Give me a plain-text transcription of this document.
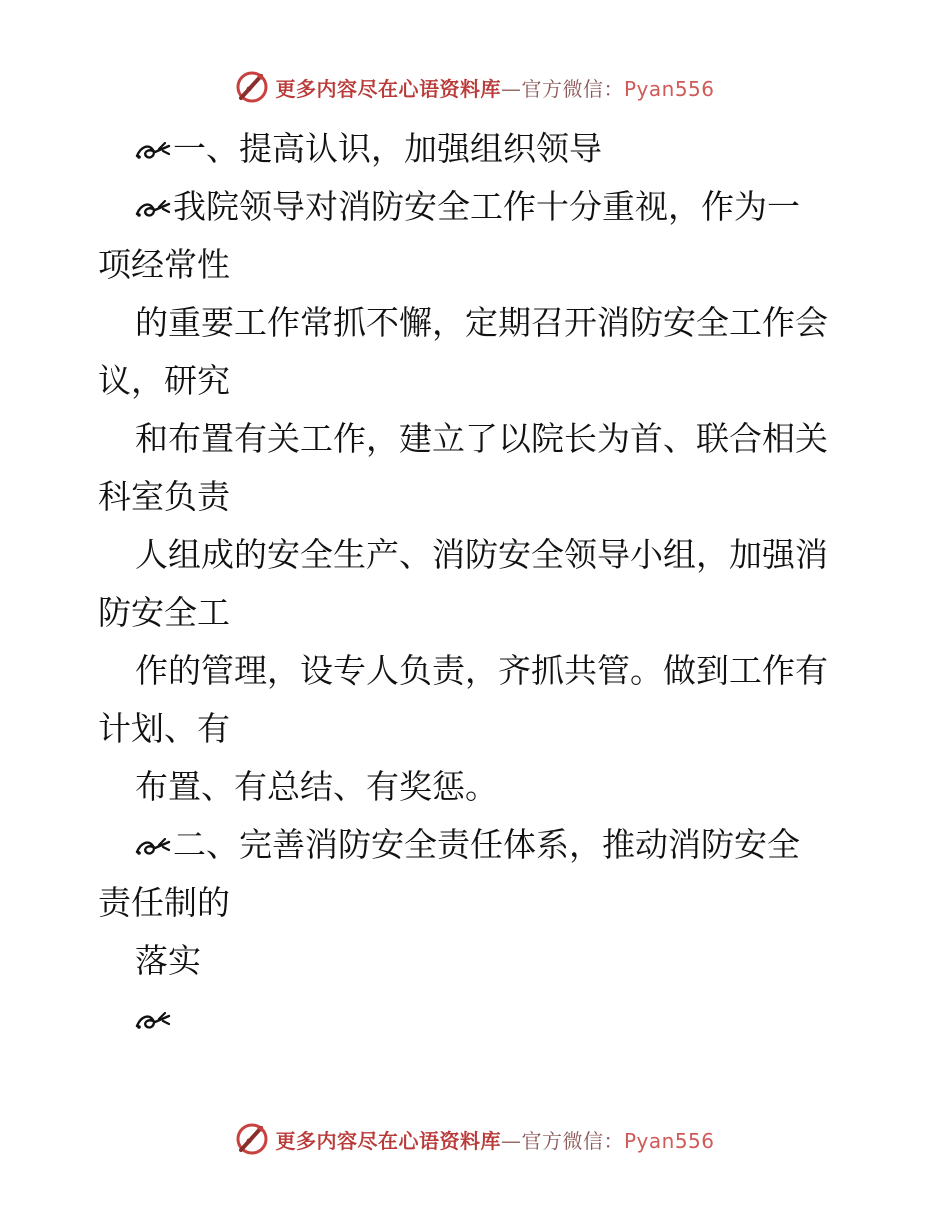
更多内容尽在心语资料库—官方微信：Pyan556
一、提高认识，加强组织领导
我院领导对消防安全工作十分重视，作为一
项经常性
的重要工作常抓不懈，定期召开消防安全工作会
议，研究
和布置有关工作，建立了以院长为首、联合相关
科室负责
人组成的安全生产、消防安全领导小组，加强消
防安全工
作的管理，设专人负责，齐抓共管。做到工作有
计划、有
布置、有总结、有奖惩。
二、完善消防安全责任体系，推动消防安全
责任制的
落实
更多内容尽在心语资料库—官方微信：Pyan556
